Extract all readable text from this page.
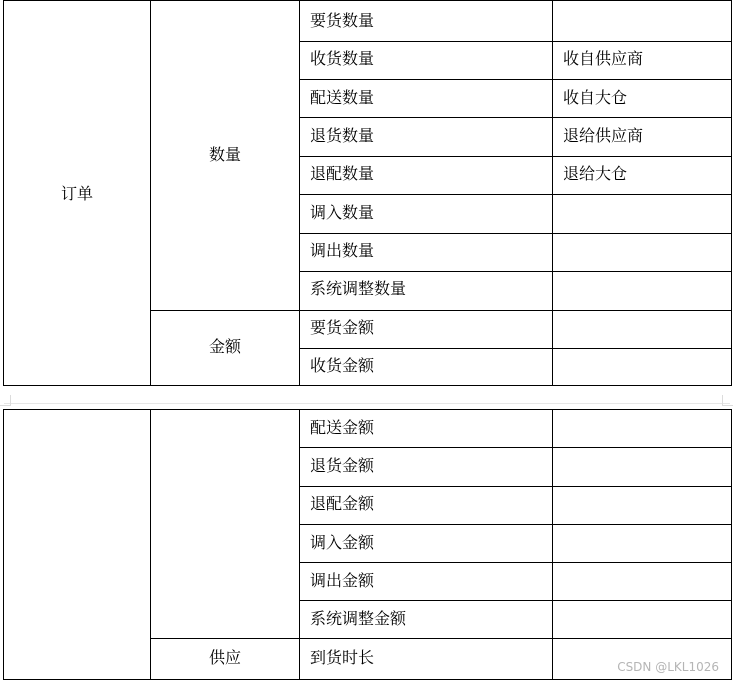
订单
数量
金额
要货数量
收货数量
配送数量
退货数量
退配数量
调入数量
调出数量
系统调整数量
要货金额
收货金额
收自供应商
收自大仓
退给供应商
退给大仓
配送金额
退货金额
退配金额
调入金额
调出金额
系统调整金额
到货时长
供应	CSDN @LKL1026
